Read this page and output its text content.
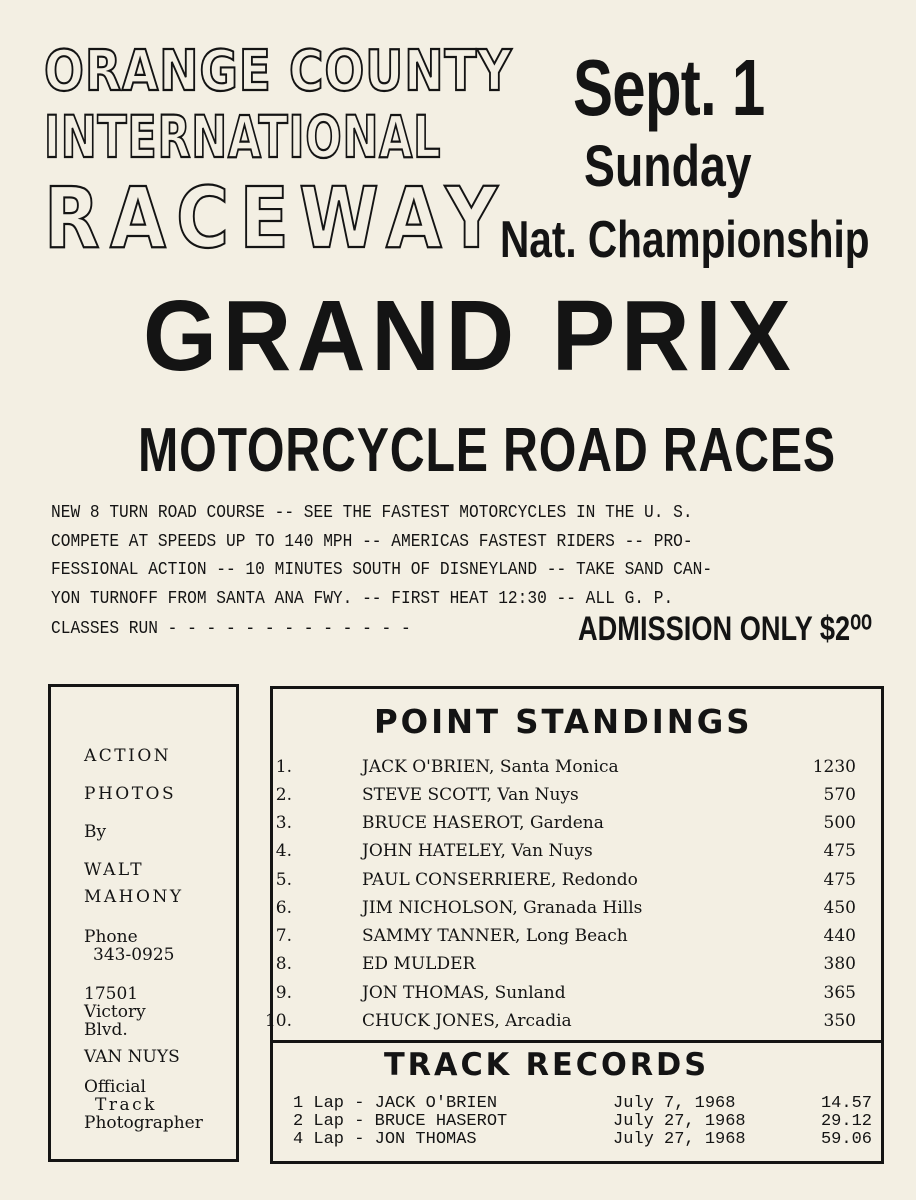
ORANGE COUNTY
INTERNATIONAL
RACEWAY
Sept. 1
Sunday
Nat. Championship
GRAND PRIX
MOTORCYCLE ROAD RACES
NEW 8 TURN ROAD COURSE -- SEE THE FASTEST MOTORCYCLES IN THE U. S.
COMPETE AT SPEEDS UP TO 140 MPH -- AMERICAS FASTEST RIDERS -- PRO-
FESSIONAL ACTION -- 10 MINUTES SOUTH OF DISNEYLAND -- TAKE SAND CAN-
YON TURNOFF FROM SANTA ANA FWY. -- FIRST HEAT 12:30 -- ALL G. P.
CLASSES RUN - - - - - - - - - - - - -	ADMISSION ONLY $2⁰⁰
ACTION
PHOTOS
By
WALT
MAHONY
Phone
343-0925
17501
Victory
Blvd.
VAN NUYS
Official
Track
Photographer
POINT STANDINGS
1.	JACK O'BRIEN, Santa Monica	1230
2.	STEVE SCOTT, Van Nuys	570
3.	BRUCE HASEROT, Gardena	500
4.	JOHN HATELEY, Van Nuys	475
5.	PAUL CONSERRIERE, Redondo	475
6.	JIM NICHOLSON, Granada Hills	450
7.	SAMMY TANNER, Long Beach	440
8.	ED MULDER	380
9.	JON THOMAS, Sunland	365
10.	CHUCK JONES, Arcadia	350
TRACK RECORDS
1 Lap - JACK O'BRIEN	July 7, 1968	14.57
2 Lap - BRUCE HASEROT	July 27, 1968	29.12
4 Lap - JON THOMAS	July 27, 1968	59.06
